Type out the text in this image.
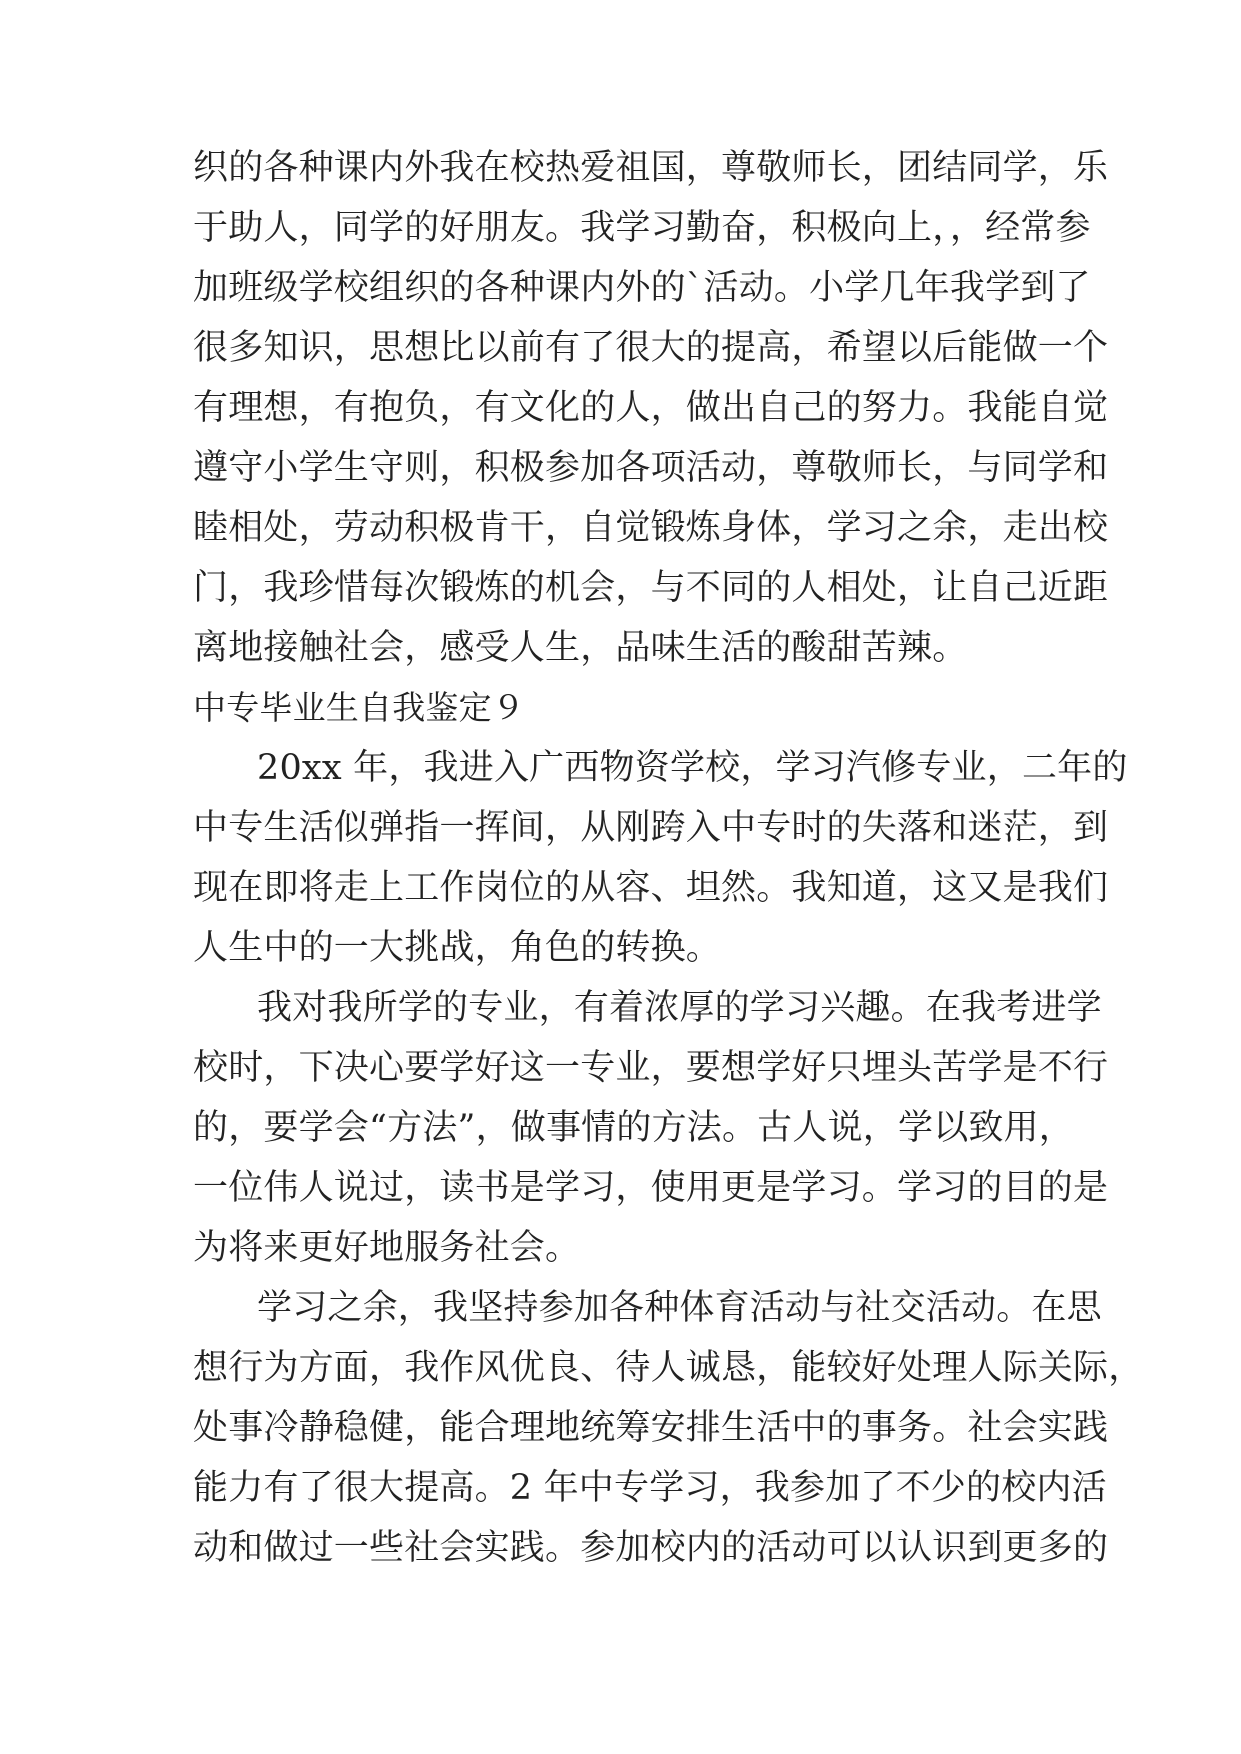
织的各种课内外我在校热爱祖国，尊敬师长，团结同学，乐

于助人，同学的好朋友。我学习勤奋，积极向上，，经常参

加班级学校组织的各种课内外的`活动。小学几年我学到了

很多知识，思想比以前有了很大的提高，希望以后能做一个

有理想，有抱负，有文化的人，做出自己的努力。我能自觉

遵守小学生守则，积极参加各项活动，尊敬师长，与同学和

睦相处，劳动积极肯干，自觉锻炼身体，学习之余，走出校

门，我珍惜每次锻炼的机会，与不同的人相处，让自己近距

离地接触社会，感受人生，品味生活的酸甜苦辣。

中专毕业生自我鉴定９

20xx 年，我进入广西物资学校，学习汽修专业，二年的

中专生活似弹指一挥间，从刚跨入中专时的失落和迷茫，到

现在即将走上工作岗位的从容、坦然。我知道，这又是我们

人生中的一大挑战，角色的转换。

我对我所学的专业，有着浓厚的学习兴趣。在我考进学

校时，下决心要学好这一专业，要想学好只埋头苦学是不行

的，要学会“方法”，做事情的方法。古人说，学以致用，

一位伟人说过，读书是学习，使用更是学习。学习的目的是

为将来更好地服务社会。

学习之余，我坚持参加各种体育活动与社交活动。在思

想行为方面，我作风优良、待人诚恳，能较好处理人际关际，

处事冷静稳健，能合理地统筹安排生活中的事务。社会实践

能力有了很大提高。2 年中专学习，我参加了不少的校内活

动和做过一些社会实践。参加校内的活动可以认识到更多的
